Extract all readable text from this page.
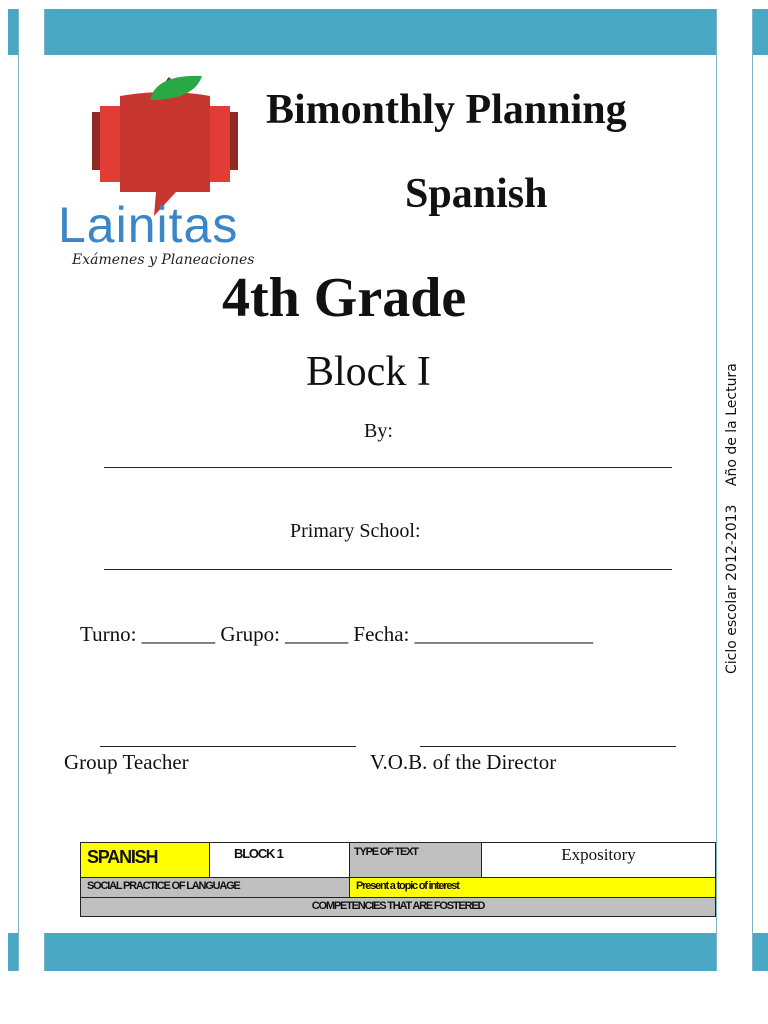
Lainitas
Exámenes y Planeaciones
Bimonthly Planning
Spanish
4th Grade
Block I
By:
Primary School:
Turno: _______ Grupo: ______ Fecha: _________________
Group Teacher	V.O.B. of the Director
Ciclo escolar 2012-2013 Año de la Lectura
SPANISH	BLOCK 1	TYPE OF TEXT	Expository
SOCIAL PRACTICE OF LANGUAGE	Present a topic of interest
COMPETENCIES THAT ARE FOSTERED
